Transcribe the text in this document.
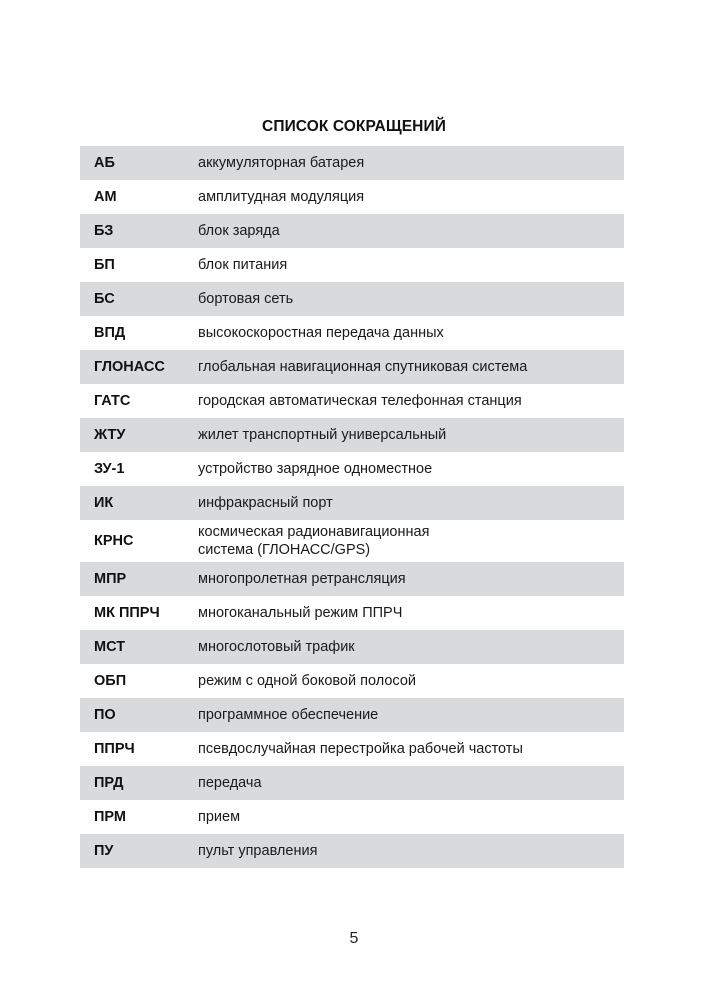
СПИСОК СОКРАЩЕНИЙ
АБ	аккумуляторная батарея

АМ	амплитудная модуляция

БЗ	блок заряда

БП	блок питания

БС	бортовая сеть

ВПД	высокоскоростная передача данных

ГЛОНАСС	глобальная навигационная спутниковая система

ГАТС	городская автоматическая телефонная станция

ЖТУ	жилет транспортный универсальный

ЗУ-1	устройство зарядное одноместное

ИК	инфракрасный порт

КРНС	космическая радионавигационная
система (ГЛОНАСС/GPS)

МПР	многопролетная ретрансляция

МК ППРЧ	многоканальный режим ППРЧ

МСТ	многослотовый трафик

ОБП	режим с одной боковой полосой

ПО	программное обеспечение

ППРЧ	псевдослучайная перестройка рабочей частоты

ПРД	передача

ПРМ	прием

ПУ	пульт управления
5
